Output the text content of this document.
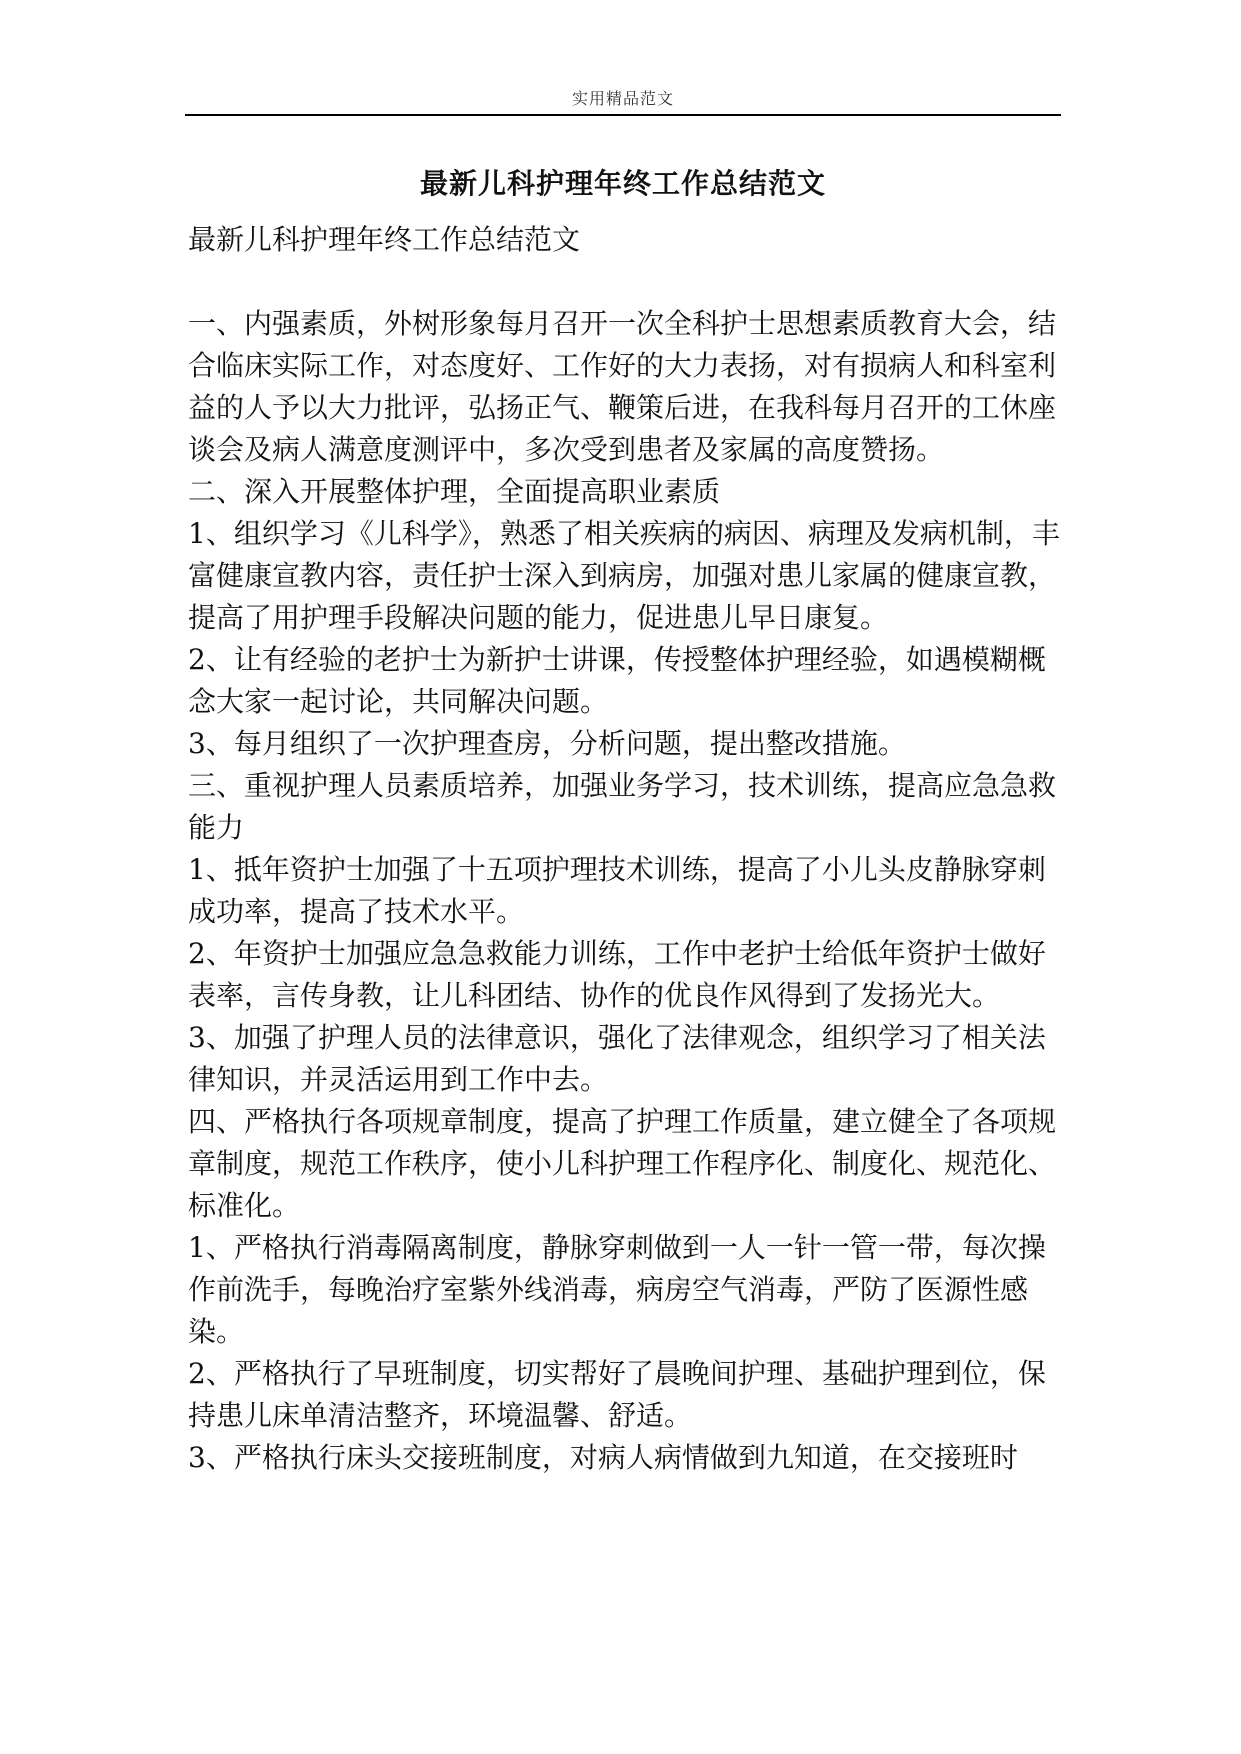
实用精品范文
最新儿科护理年终工作总结范文

最新儿科护理年终工作总结范文

一、内强素质，外树形象每月召开一次全科护士思想素质教育大会，结合临床实际工作，对态度好、工作好的大力表扬，对有损病人和科室利益的人予以大力批评，弘扬正气、鞭策后进，在我科每月召开的工休座谈会及病人满意度测评中，多次受到患者及家属的高度赞扬。

二、深入开展整体护理，全面提高职业素质

1、组织学习《儿科学》，熟悉了相关疾病的病因、病理及发病机制，丰富健康宣教内容，责任护士深入到病房，加强对患儿家属的健康宣教，提高了用护理手段解决问题的能力，促进患儿早日康复。

2、让有经验的老护士为新护士讲课，传授整体护理经验，如遇模糊概念大家一起讨论，共同解决问题。

3、每月组织了一次护理查房，分析问题，提出整改措施。

三、重视护理人员素质培养，加强业务学习，技术训练，提高应急急救能力

1、抵年资护士加强了十五项护理技术训练，提高了小儿头皮静脉穿刺成功率，提高了技术水平。

2、年资护士加强应急急救能力训练，工作中老护士给低年资护士做好表率，言传身教，让儿科团结、协作的优良作风得到了发扬光大。

3、加强了护理人员的法律意识，强化了法律观念，组织学习了相关法律知识，并灵活运用到工作中去。

四、严格执行各项规章制度，提高了护理工作质量，建立健全了各项规章制度，规范工作秩序，使小儿科护理工作程序化、制度化、规范化、标准化。

1、严格执行消毒隔离制度，静脉穿刺做到一人一针一管一带，每次操作前洗手，每晚治疗室紫外线消毒，病房空气消毒，严防了医源性感染。

2、严格执行了早班制度，切实帮好了晨晚间护理、基础护理到位，保持患儿床单清洁整齐，环境温馨、舒适。

3、严格执行床头交接班制度，对病人病情做到九知道，在交接班时
